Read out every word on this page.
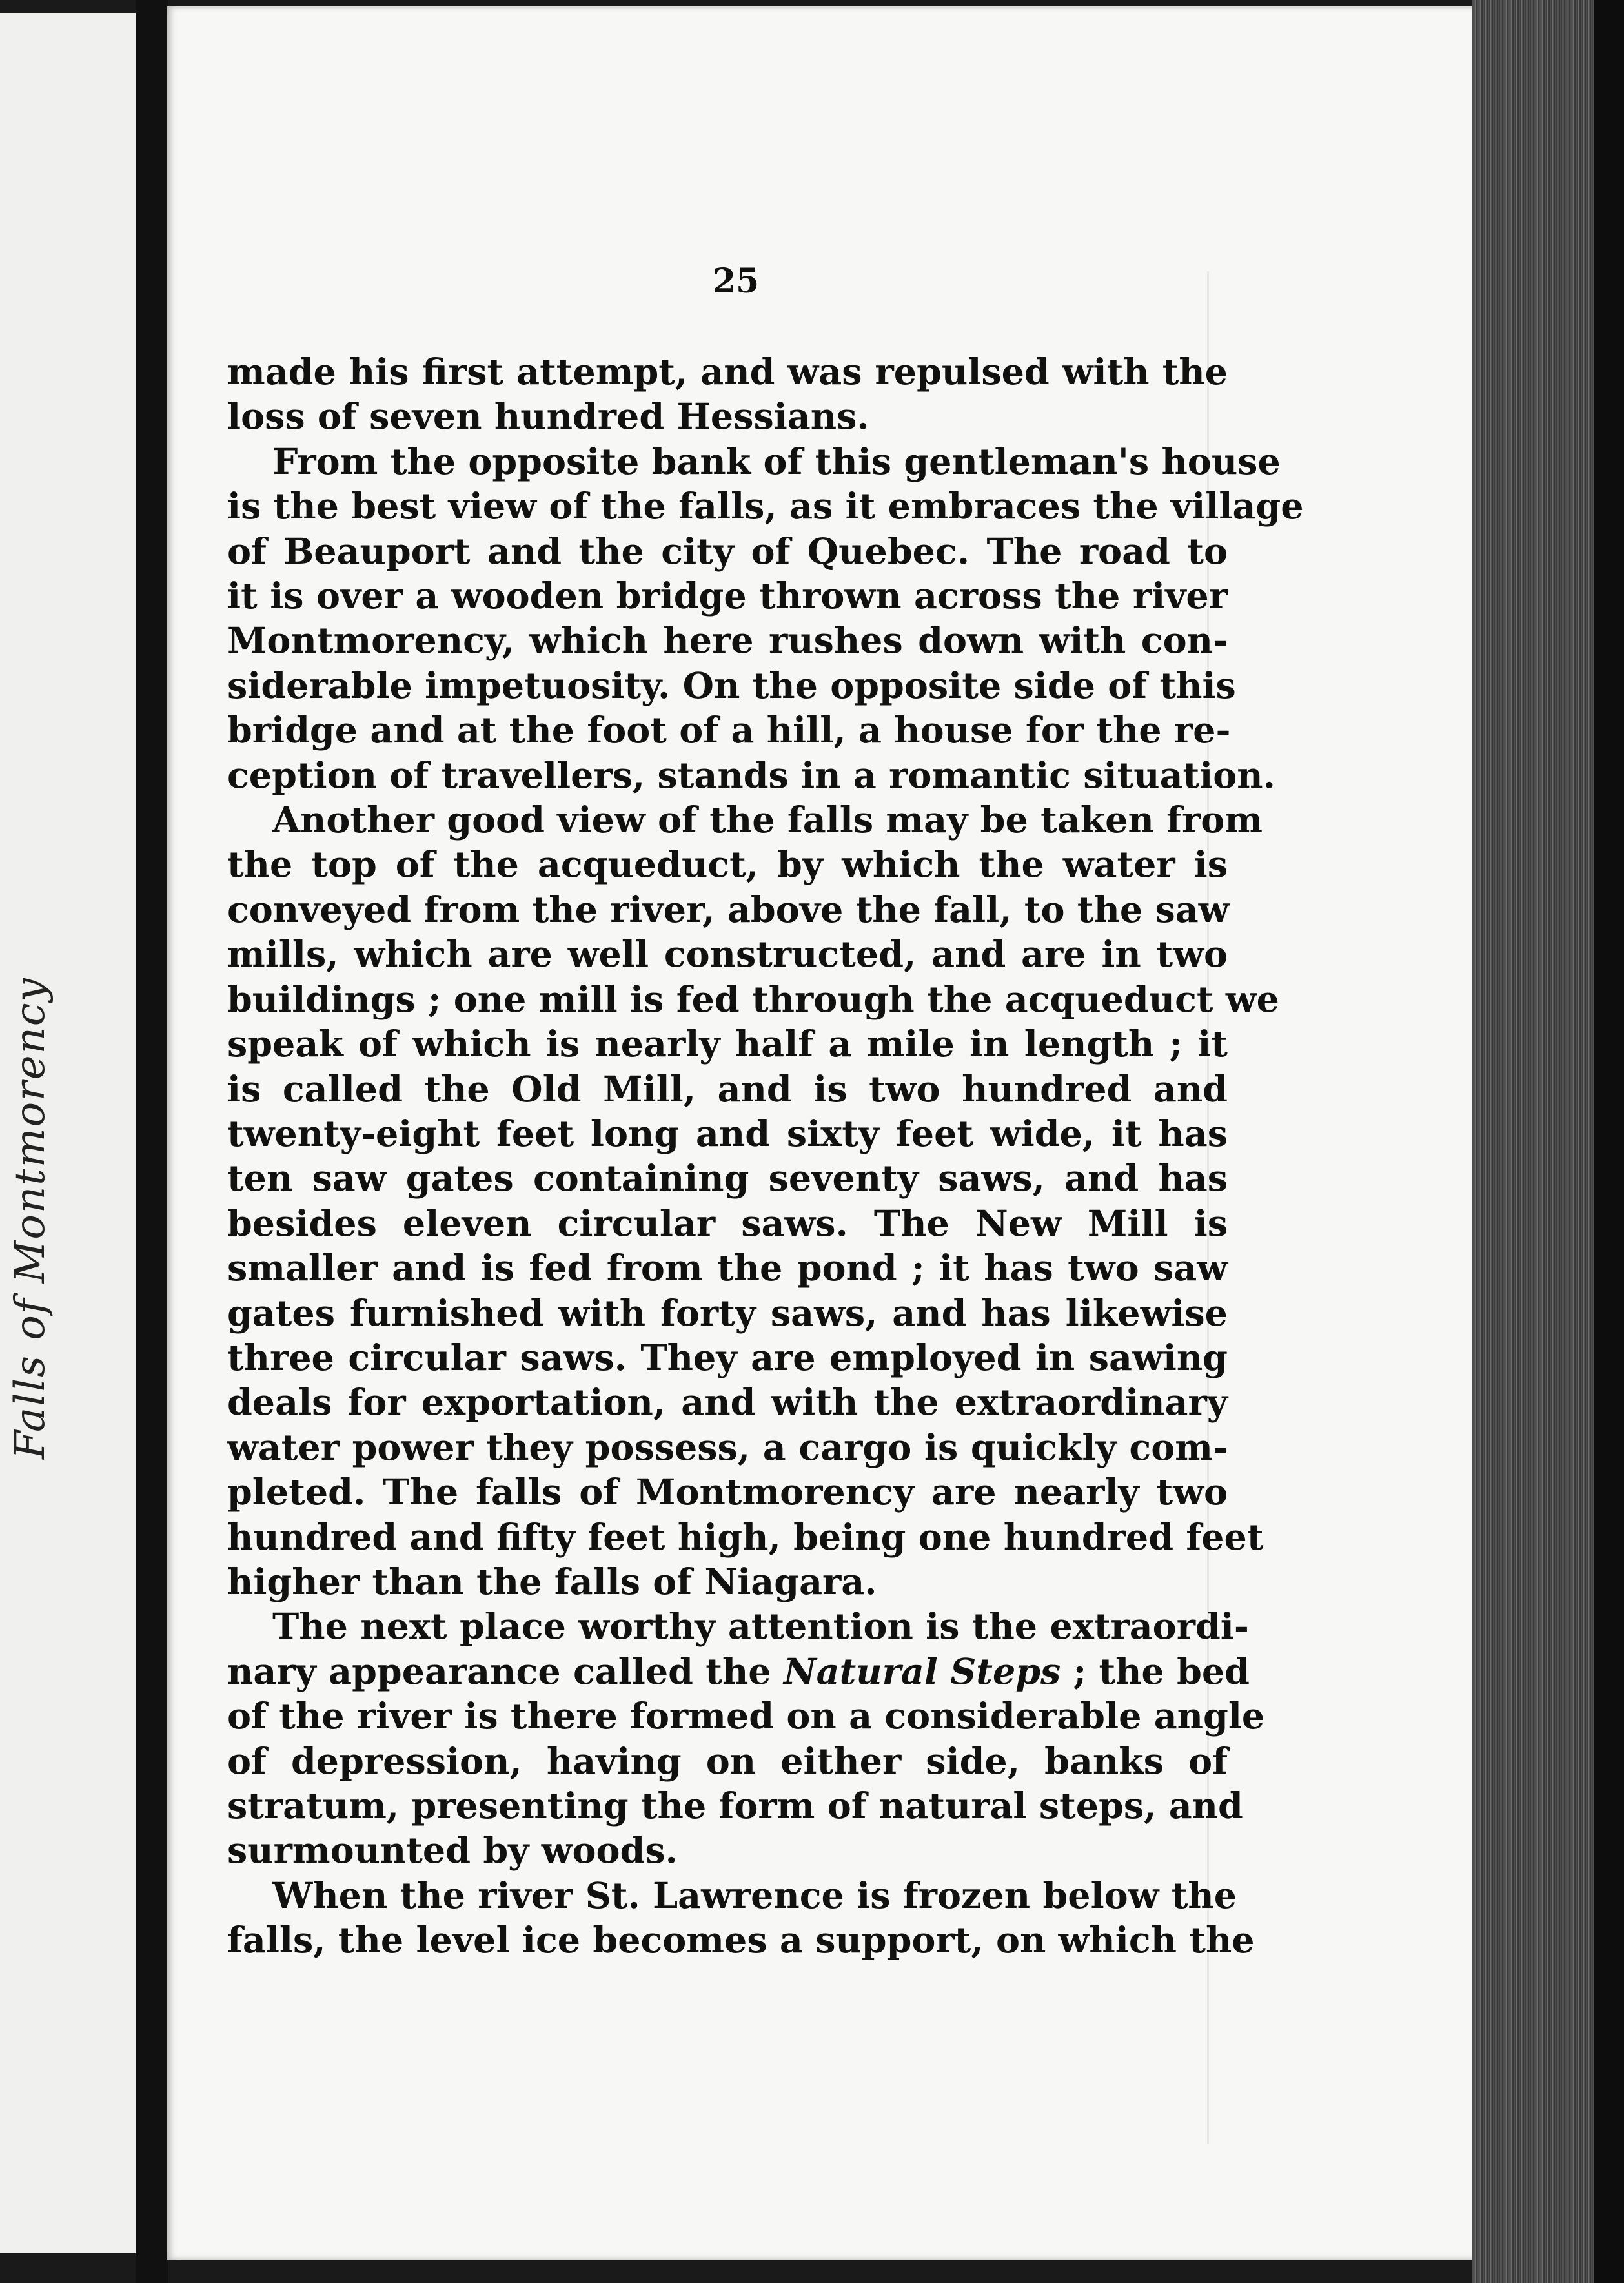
Falls of Montmorency
25
made his first attempt, and was repulsed with the
loss of seven hundred Hessians.
From the opposite bank of this gentleman's house
is the best view of the falls, as it embraces the village
of Beauport and the city of Quebec. The road to
it is over a wooden bridge thrown across the river
Montmorency, which here rushes down with con-
siderable impetuosity. On the opposite side of this
bridge and at the foot of a hill, a house for the re-
ception of travellers, stands in a romantic situation.
Another good view of the falls may be taken from
the top of the acqueduct, by which the water is
conveyed from the river, above the fall, to the saw
mills, which are well constructed, and are in two
buildings ; one mill is fed through the acqueduct we
speak of which is nearly half a mile in length ; it
is called the Old Mill, and is two hundred and
twenty-eight feet long and sixty feet wide, it has
ten saw gates containing seventy saws, and has
besides eleven circular saws. The New Mill is
smaller and is fed from the pond ; it has two saw
gates furnished with forty saws, and has likewise
three circular saws. They are employed in sawing
deals for exportation, and with the extraordinary
water power they possess, a cargo is quickly com-
pleted. The falls of Montmorency are nearly two
hundred and fifty feet high, being one hundred feet
higher than the falls of Niagara.
The next place worthy attention is the extraordi-
nary appearance called the Natural Steps ; the bed
of the river is there formed on a considerable angle
of depression, having on either side, banks of
stratum, presenting the form of natural steps, and
surmounted by woods.
When the river St. Lawrence is frozen below the
falls, the level ice becomes a support, on which the
